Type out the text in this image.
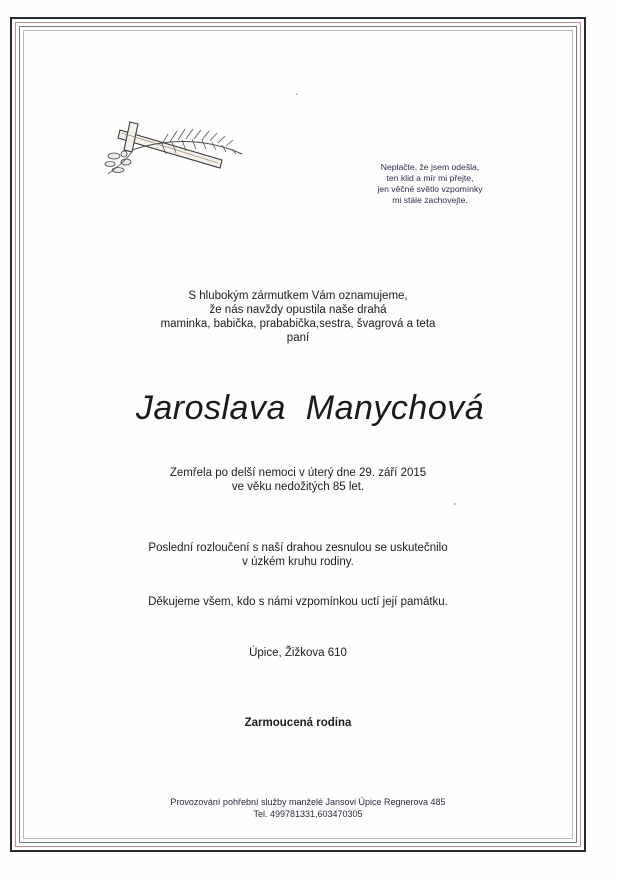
Neplačte, že jsem odešla,
ten klid a mír mi přejte,
jen věčné světlo vzpomínky
mi stále zachovejte.
S hlubokým zármutkem Vám oznamujeme,
že nás navždy opustila naše drahá
maminka, babička, prababička,sestra, švagrová a teta
paní
Jaroslava  Manychová
Zemřela po delší nemoci v úterý dne 29. září 2015
ve věku nedožitých 85 let.
Poslední rozloučení s naší drahou zesnulou se uskutečnilo
v úzkém kruhu rodiny.
Děkujeme všem, kdo s námi vzpomínkou uctí její památku.
Úpice, Žižkova 610
Zarmoucená rodina
Provozování pohřební služby manželé Jansovi Úpice Regnerova 485
Tel. 499781331,603470305
